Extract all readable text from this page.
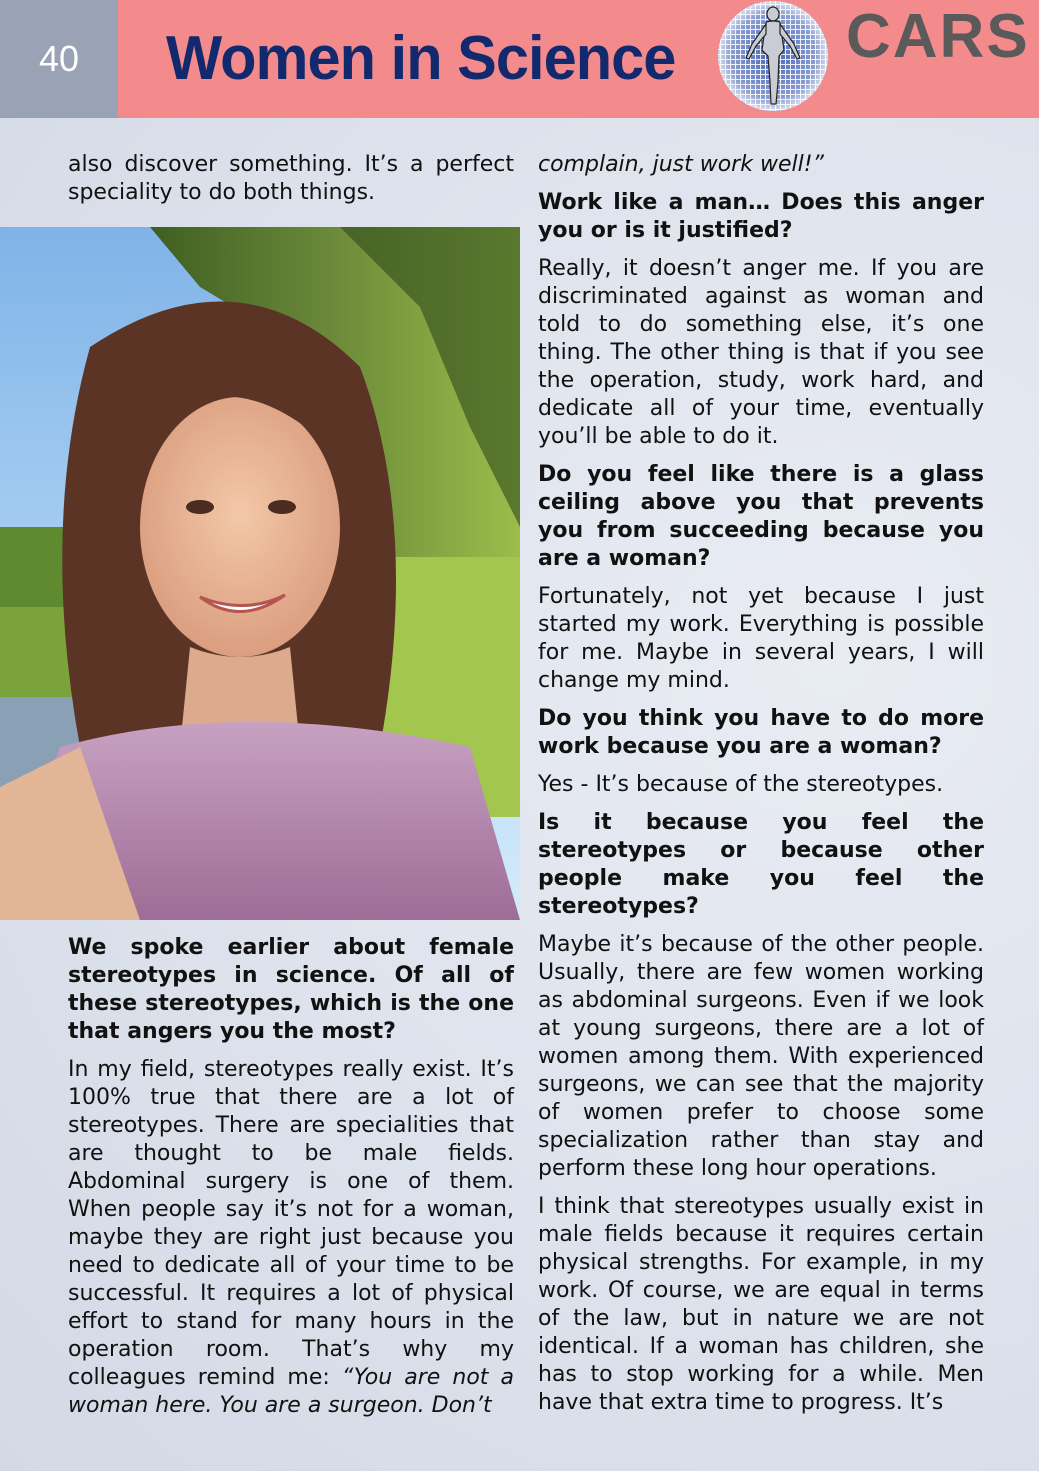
40	Women in Science	CARS

also discover something. It’s a perfect speciality to do both things.

We spoke earlier about female stereotypes in science. Of all of these stereotypes, which is the one that angers you the most?

In my field, stereotypes really exist. It’s 100% true that there are a lot of stereotypes. There are specialities that are thought to be male fields. Abdominal surgery is one of them. When people say it’s not for a woman, maybe they are right just because you need to dedicate all of your time to be successful. It requires a lot of physical effort to stand for many hours in the operation room. That’s why my colleagues remind me: “You are not a woman here. You are a surgeon. Don’t

complain, just work well!”

Work like a man… Does this anger you or is it justified?

Really, it doesn’t anger me. If you are discriminated against as woman and told to do something else, it’s one thing. The other thing is that if you see the operation, study, work hard, and dedicate all of your time, eventually you’ll be able to do it.

Do you feel like there is a glass ceiling above you that prevents you from succeeding because you are a woman?

Fortunately, not yet because I just started my work. Everything is possible for me. Maybe in several years, I will change my mind.

Do you think you have to do more work because you are a woman?

Yes - It’s because of the stereotypes.

Is it because you feel the stereotypes or because other people make you feel the stereotypes?

Maybe it’s because of the other people. Usually, there are few women working as abdominal surgeons. Even if we look at young surgeons, there are a lot of women among them. With experienced surgeons, we can see that the majority of women prefer to choose some specialization rather than stay and perform these long hour operations.

I think that stereotypes usually exist in male fields because it requires certain physical strengths. For example, in my work. Of course, we are equal in terms of the law, but in nature we are not identical. If a woman has children, she has to stop working for a while. Men have that extra time to progress. It’s
